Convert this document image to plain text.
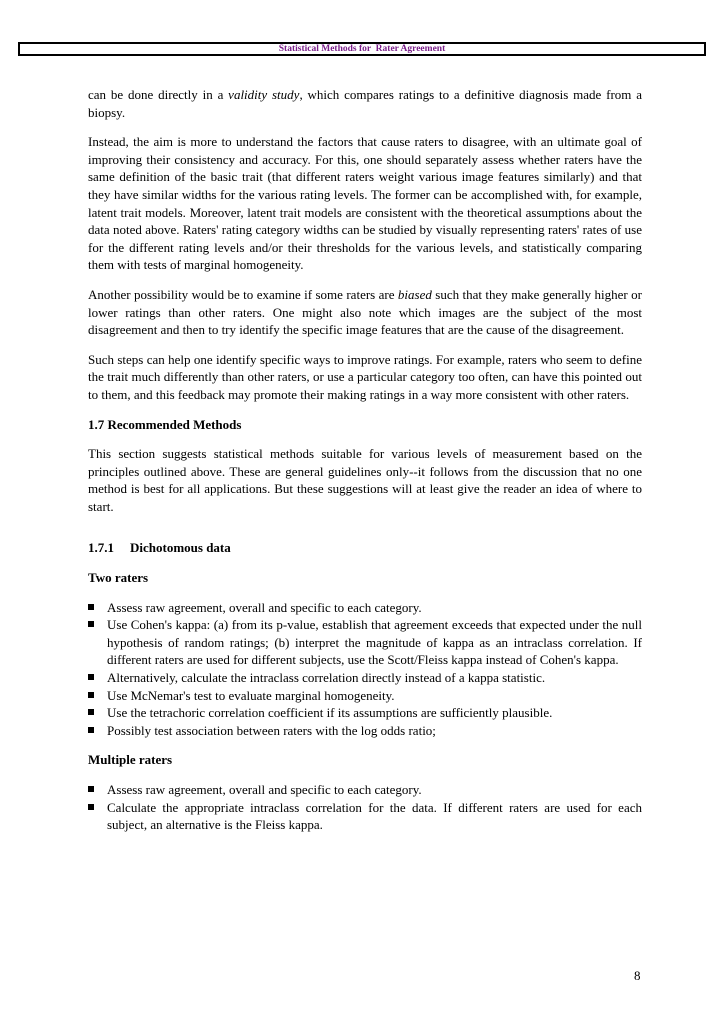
Statistical Methods for  Rater Agreement

can be done directly in a validity study, which compares ratings to a definitive diagnosis made from a biopsy.

Instead, the aim is more to understand the factors that cause raters to disagree, with an ultimate goal of improving their consistency and accuracy. For this, one should separately assess whether raters have the same definition of the basic trait (that different raters weight various image features similarly) and that they have similar widths for the various rating levels. The former can be accomplished with, for example, latent trait models. Moreover, latent trait models are consistent with the theoretical assumptions about the data noted above. Raters' rating category widths can be studied by visually representing raters' rates of use for the different rating levels and/or their thresholds for the various levels, and statistically comparing them with tests of marginal homogeneity.

Another possibility would be to examine if some raters are biased such that they make generally higher or lower ratings than other raters. One might also note which images are the subject of the most disagreement and then to try identify the specific image features that are the cause of the disagreement.

Such steps can help one identify specific ways to improve ratings. For example, raters who seem to define the trait much differently than other raters, or use a particular category too often, can have this pointed out to them, and this feedback may promote their making ratings in a way more consistent with other raters.

1.7 Recommended Methods

This section suggests statistical methods suitable for various levels of measurement based on the principles outlined above. These are general guidelines only--it follows from the discussion that no one method is best for all applications. But these suggestions will at least give the reader an idea of where to start.

1.7.1 Dichotomous data
Two raters
Assess raw agreement, overall and specific to each category.
Use Cohen's kappa: (a) from its p-value, establish that agreement exceeds that expected under the null hypothesis of random ratings; (b) interpret the magnitude of kappa as an intraclass correlation. If different raters are used for different subjects, use the Scott/Fleiss kappa instead of Cohen's kappa.
Alternatively, calculate the intraclass correlation directly instead of a kappa statistic.
Use McNemar's test to evaluate marginal homogeneity.
Use the tetrachoric correlation coefficient if its assumptions are sufficiently plausible.
Possibly test association between raters with the log odds ratio;
Multiple raters
Assess raw agreement, overall and specific to each category.
Calculate the appropriate intraclass correlation for the data. If different raters are used for each subject, an alternative is the Fleiss kappa.
8
